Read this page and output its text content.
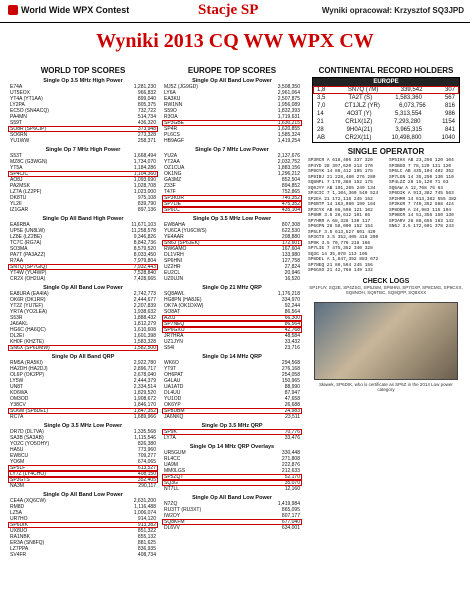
World Wide WPX Contest	Stacje SP	Wyniki opracował: Krzysztof SQ3JPD
Wyniki 2013 CQ WW WPX CW
WORLD TOP SCORES
Single Op 3.5 MHz High Power
E74A	1,281,230
UT5EOX	966,832
YT4A (YT1AA)	899,040
LY2PA	805,375
EC5O (SN4ACQ)	732,722
PA4MN	514,734
S59T	436,320
SO8R (SP6CIP)	373,948
SO6RN	273,328
YU1WW	258,371
Single Op 7 MHz High Power
S53T	1,668,494
MZ8C (G3WGN)	1,734,070
YT5A	1,184,286
SP4CIC	1,104,360
AO8J	1,093,690
PA2MSK	1,028,708
LZ7A (LZ2PF)	1,023,000
DK8TU	975,108
YL2II	839,790
IZ1GAR	897,136
Single Op All Band High Power
EA6RBA	11,671,103
UP5E (UN8LW)	11,258,578
LZ8E (LZ2BE)	9,346,826
TC7C (RG7A)	8,842,736
SO3MA	8,579,520
PA7T (PA3AZZ)	8,033,450
R7AA	7,979,804
SN7Q (SP7GIQ)	7,932,443
YT4W (YU4WP)	7,528,840
CR2X (OH2UA)	7,428,665
Single Op All Band Low Power
EA8URA (EA4IA)	2,742,773
OK6R (OK1RR)	2,444,677
YT2Z (YU7EF)	2,207,839
YR7A (YO2LEA)	1,938,632
S53R	1,888,432
JA6AKL	1,812,279
HG6C (HA6QC)	1,610,608
DL2EI	1,601,398
KH0F (KHZTE)	1,583,328
SN6X (SP6DMW)	1,582,500
Single Op All Band QRP
RM5A (RA5KI)	2,922,780
HA2DH (HA2DJ)	2,896,717
OL6P (OK2PP)	2,678,040
LY5W	2,444,379
UN8T	2,334,514
KD6WA	1,829,520
OM3OD	1,908,672
Y38CV	1,846,170
SO6M (SP8DEL)	1,847,352
RC7A	1,689,966
Single Op 3.5 MHz Low Power
DR7D (DL7VA)	1,335,568
SA3B (SA3AB)	1,115,546
YO2C (YO5OHY)	826,380
HA5U	773,960
EW8CU	709,277
YO6M	674,065
SP5LF	613,527
LY7Z (LY4CHO)	408,150
SP3GTS	352,405
NA3M	290,117
Single Op All Band Low Power
CE4A (XQ6CW)	2,631,200
RM8D	1,116,488
LZ5A	1,006,074
UR7HO	914,120
SP6DIK	913,382
UX8UO	851,322
RA1NBK	855,132
ER3A (SN8FQ)	881,625
LZ7PPA	836,935
SV4FR	408,734
EUROPE TOP SCORES
Single Op All Band Low Power
MJ5Z (JG9GD)	3,508,350
LY6A	2,961,064
EA3KU	2,507,875
RW1NN	1,956,089
S59O	1,832,393
R3OA	1,719,631
SP3GBE	1,630,215
SP4R	1,620,855
PL6CS	1,585,324
HB9AGF	1,419,254
Single Op 7 MHz Low Power
YU2A	2,137,676
YT2AA	2,032,752
OZ1CUA	1,883,156
OK1NG	1,296,212
GA3MZ	852,504
Z33F	894,852
T47F	752,865
SP3KUR	740,352
SP7LIE	475,352
SP6LC	435,104
Single Op 3.5 MHz Low Power
EW8AHA	807,308
YU6CA (YU6CWS)	622,530
YE4AAR	208,880
SN6J (SP6JEK)	172,601
RW6AMO	167,604
DL1VRH	133,980
SP6HNI	127,758
UZ2HR	27,824
EU2CL	20,946
UZ0UJN	16,520
Single Op 21 MHz QRP
SQ8AWL	1,176,218
HG8PN (HA8JE)	334,970
OK7A (OK1DXW)	92,244
SO8AT	86,564
A20J	66,300
SP7NEQ	86,564
SP6GXO	42,768
JR7HRA	48,584
UZ1JYN	33,432
S54I	23,716
Single Op 14 MHz QRP
WK6O	294,568
YT9T	276,168
OH6PAT	254,058
G4LAU	150,965
UA1ATD	88,990
DL4UU	87,947
YU1OD	47,658
OK6YP	26,688
SP8DBM	24,983
JA6NKQ	23,511
Single Op 3.5 MHz QRP
SP9K	70,776
LY7A	33,476
Single Op 14 MHz QRP Overlays
UR5GUM	330,448
RL4CC	271,808
UA9M	222,876
MM0LGS	212,633
SP5ZQT	52,170
SQ3G	35,070
NT7LL	12,160
Single Op All Band Low Power
N7ZQ	1,419,984
RU3TT (RU3XT)	865,095
IW2OY	807,177
SQ8KFM	677,040
DL6VV	634,001
CONTINENTAL RECORD HOLDERS
EUROPE
1,8	SN7Q (7M)	339,542	307
3,5	TA2T (S)	1,583,360	567
7,0	CT1JLZ (YR)	6,073,756	816
14	4O3T (Y)	5,313,554	986
21	CR1X(1Z)	7,293,280	1154
28	9H0A(21)	3,965,315	841
AB	CR2X(11)	10,498,800	1040
SINGLE OPERATOR
SP3RCR A 618,405 337 320
SP4YD 28 397,620 213 170
SP8GYK 14 86,412 195 175
SP9IBJ 21 228,480 276 280
SQ8NPL 7 179,388 152 175
SQ9JYY AB 101,205 249 134
SP4CIC 7 1,104,360 540 524
SP2EA 21 172,116 245 152
SP6BTP 14 163,080 199 164
SP3CYX AB 68,598 121 102
SP8NR 3.5 28,612 101 86
SP7HRR A 68,328 130 117
SP6GPN 28 58,000 152 154
SP5LF 3.5 613,527 601 420
SP3GTS 3.5 352,405 416 290
SP9K 3.5 70,776 218 166
SP7LIE 7 475,352 340 328
SQ3G 14 35,070 113 105
SP8DEL A 1,847,352 883 672
SP7NEQ 21 86,564 245 156
SP6GXO 21 42,768 149 132
SP5IHX AB 23,256 120 104
SP3BGD 7 78,120 131 120
SP6LC AB 435,104 402 352
SP7LGN 14 35,250 130 110
SP4LZZ 28 15,120 71 63
SQ5AW A 12,768 75 64
SP6DIK A 913,382 745 563
SP2HMR 14 613,382 555 382
SP3KUR 7 740,352 568 424
SP8DBM A 24,983 115 104
SP9BCR 14 51,356 150 130
SP3ARV 28 88,655 163 142
SN6J 3.5 172,601 378 243
CHECK LOGS
SP1FUY, SQ2E, SP4ZSG, SP5JSM, SP6HNI, SP7GXP, SP8CMG, SP9CXX, SQ8NOH, SQ9TBC, SQ9QPP, SQ8XXX
Sławek, SP6DIK, who is certificate as SP6Z in the 2014 Low power category
